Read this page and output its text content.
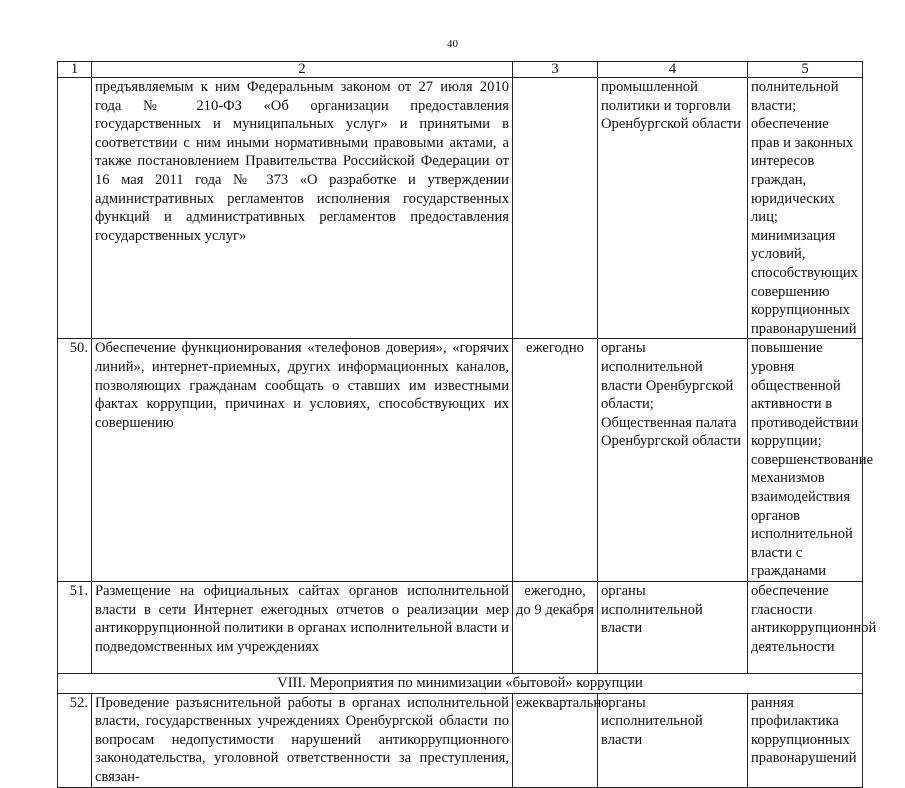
40
1	2	3	4	5
	предъявляемым к ним Федеральным законом от 27 июля 2010 года № 210-ФЗ «Об организации предоставления государственных и муниципальных услуг» и принятыми в соответствии с ним иными нормативными правовыми актами, а также постановлением Правительства Российской Федерации от 16 мая 2011 года № 373 «О разработке и утверждении административных регламентов исполнения государственных функций и административных регламентов предоставления государственных услуг»		промышленной политики и торговли Оренбургской области	полнительной власти; обеспечение прав и законных интересов граждан, юридических лиц; минимизация условий, способствующих совершению коррупционных правонарушений
50.	Обеспечение функционирования «телефонов доверия», «горячих линий», интернет-приемных, других информационных каналов, позволяющих гражданам сообщать о ставших им известными фактах коррупции, причинах и условиях, способствующих их совершению	ежегодно	органы исполнительной власти Оренбургской области; Общественная палата Оренбургской области	повышение уровня общественной активности в противодействии коррупции; совершенствование механизмов взаимодействия органов исполнительной власти с гражданами
51.	Размещение на официальных сайтах органов исполнительной власти в сети Интернет ежегодных отчетов о реализации мер антикоррупционной политики в органах исполнительной власти и подведомственных им учреждениях	ежегодно, до 9 декабря	органы исполнительной власти	обеспечение гласности антикоррупционной деятельности
VIII. Мероприятия по минимизации «бытовой» коррупции				
52.	Проведение разъяснительной работы в органах исполнительной власти, государственных учреждениях Оренбургской области по вопросам недопустимости нарушений антикоррупционного законодательства, уголовной ответственности за преступления, связан-	ежеквартально	органы исполнительной власти	ранняя профилактика коррупционных правонарушений
